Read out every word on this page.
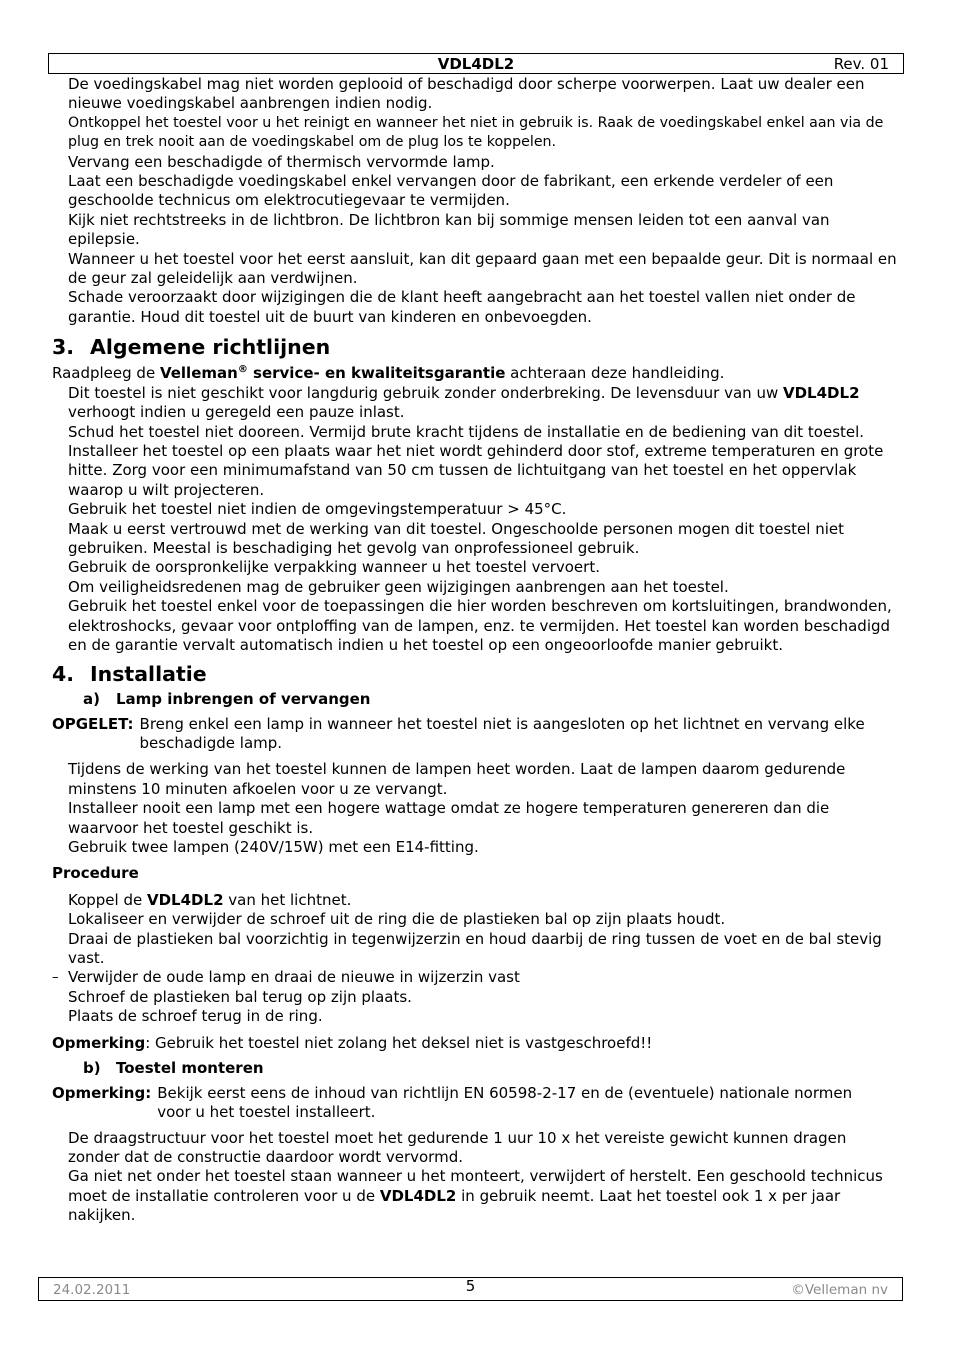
VDL4DL2	Rev. 01

De voedingskabel mag niet worden geplooid of beschadigd door scherpe voorwerpen. Laat uw dealer een nieuwe voedingskabel aanbrengen indien nodig.

Ontkoppel het toestel voor u het reinigt en wanneer het niet in gebruik is. Raak de voedingskabel enkel aan via de plug en trek nooit aan de voedingskabel om de plug los te koppelen.

Vervang een beschadigde of thermisch vervormde lamp.

Laat een beschadigde voedingskabel enkel vervangen door de fabrikant, een erkende verdeler of een geschoolde technicus om elektrocutiegevaar te vermijden.

Kijk niet rechtstreeks in de lichtbron. De lichtbron kan bij sommige mensen leiden tot een aanval van epilepsie.

Wanneer u het toestel voor het eerst aansluit, kan dit gepaard gaan met een bepaalde geur. Dit is normaal en de geur zal geleidelijk aan verdwijnen.

Schade veroorzaakt door wijzigingen die de klant heeft aangebracht aan het toestel vallen niet onder de garantie. Houd dit toestel uit de buurt van kinderen en onbevoegden.

3. Algemene richtlijnen

Raadpleeg de Velleman® service- en kwaliteitsgarantie achteraan deze handleiding.

Dit toestel is niet geschikt voor langdurig gebruik zonder onderbreking. De levensduur van uw VDL4DL2 verhoogt indien u geregeld een pauze inlast.

Schud het toestel niet dooreen. Vermijd brute kracht tijdens de installatie en de bediening van dit toestel.

Installeer het toestel op een plaats waar het niet wordt gehinderd door stof, extreme temperaturen en grote hitte. Zorg voor een minimumafstand van 50 cm tussen de lichtuitgang van het toestel en het oppervlak waarop u wilt projecteren.

Gebruik het toestel niet indien de omgevingstemperatuur > 45°C.

Maak u eerst vertrouwd met de werking van dit toestel. Ongeschoolde personen mogen dit toestel niet gebruiken. Meestal is beschadiging het gevolg van onprofessioneel gebruik.

Gebruik de oorspronkelijke verpakking wanneer u het toestel vervoert.

Om veiligheidsredenen mag de gebruiker geen wijzigingen aanbrengen aan het toestel.

Gebruik het toestel enkel voor de toepassingen die hier worden beschreven om kortsluitingen, brandwonden, elektroshocks, gevaar voor ontploffing van de lampen, enz. te vermijden. Het toestel kan worden beschadigd en de garantie vervalt automatisch indien u het toestel op een ongeoorloofde manier gebruikt.

4. Installatie
a) Lamp inbrengen of vervangen
OPGELET: Breng enkel een lamp in wanneer het toestel niet is aangesloten op het lichtnet en vervang elke beschadigde lamp.

Tijdens de werking van het toestel kunnen de lampen heet worden. Laat de lampen daarom gedurende minstens 10 minuten afkoelen voor u ze vervangt.

Installeer nooit een lamp met een hogere wattage omdat ze hogere temperaturen genereren dan die waarvoor het toestel geschikt is.

Gebruik twee lampen (240V/15W) met een E14-fitting.

Procedure

Koppel de VDL4DL2 van het lichtnet.

Lokaliseer en verwijder de schroef uit de ring die de plastieken bal op zijn plaats houdt.

Draai de plastieken bal voorzichtig in tegenwijzerzin en houd daarbij de ring tussen de voet en de bal stevig vast.

– Verwijder de oude lamp en draai de nieuwe in wijzerzin vast

Schroef de plastieken bal terug op zijn plaats.

Plaats de schroef terug in de ring.

Opmerking : Gebruik het toestel niet zolang het deksel niet is vastgeschroefd!!
b) Toestel monteren
Opmerking: Bekijk eerst eens de inhoud van richtlijn EN 60598-2-17 en de (eventuele) nationale normen voor u het toestel installeert.

De draagstructuur voor het toestel moet het gedurende 1 uur 10 x het vereiste gewicht kunnen dragen zonder dat de constructie daardoor wordt vervormd.

Ga niet net onder het toestel staan wanneer u het monteert, verwijdert of herstelt. Een geschoold technicus moet de installatie controleren voor u de VDL4DL2 in gebruik neemt. Laat het toestel ook 1 x per jaar nakijken.

24.02.2011	5	©Velleman nv
